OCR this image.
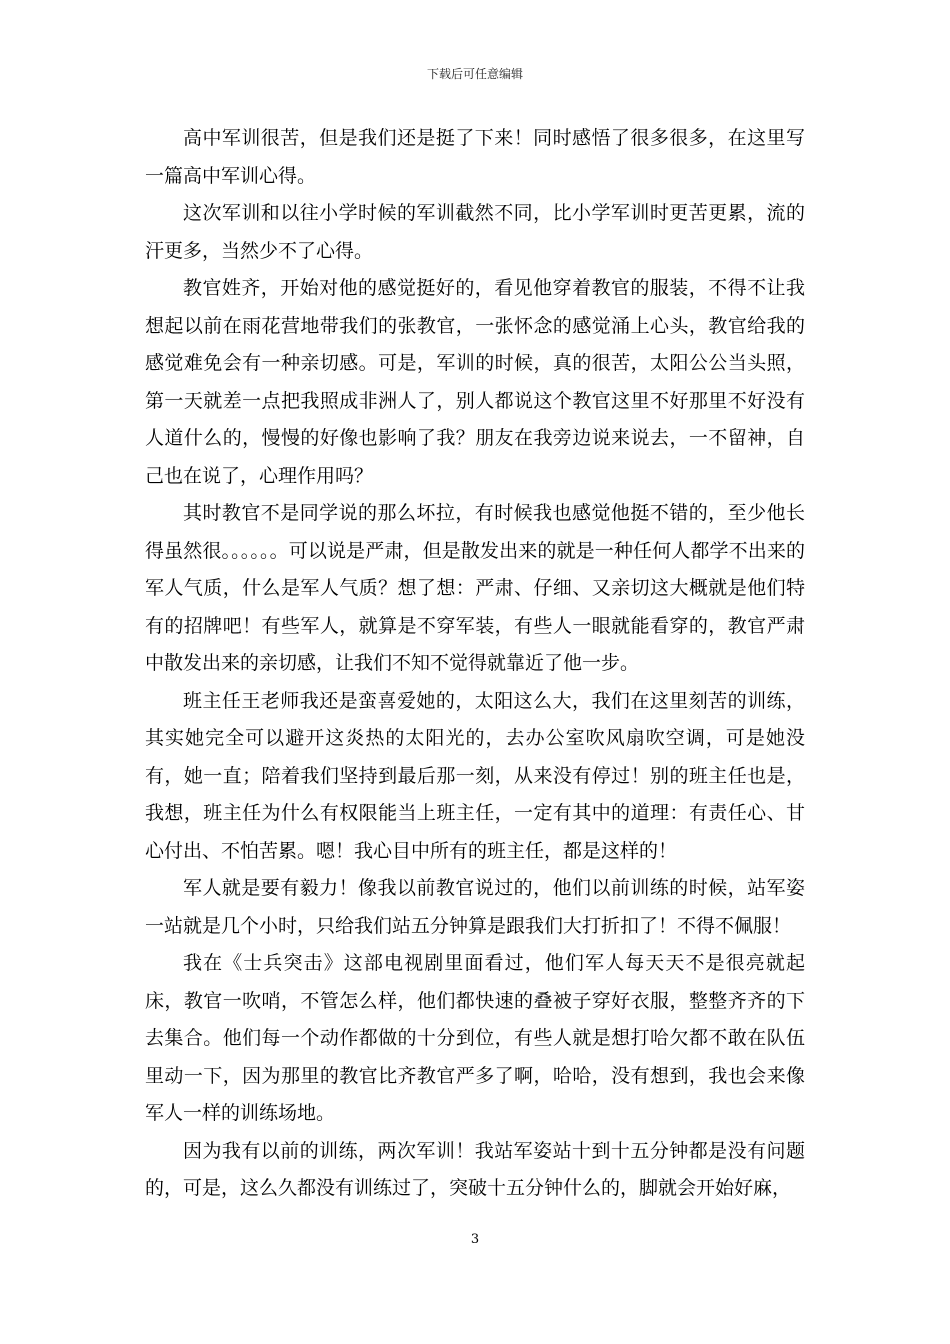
下载后可任意编辑

高中军训很苦，但是我们还是挺了下来！同时感悟了很多很多，在这里写一篇高中军训心得。

这次军训和以往小学时候的军训截然不同，比小学军训时更苦更累，流的汗更多，当然少不了心得。

教官姓齐，开始对他的感觉挺好的，看见他穿着教官的服装，不得不让我想起以前在雨花营地带我们的张教官，一张怀念的感觉涌上心头，教官给我的感觉难免会有一种亲切感。可是，军训的时候，真的很苦，太阳公公当头照，第一天就差一点把我照成非洲人了，别人都说这个教官这里不好那里不好没有人道什么的，慢慢的好像也影响了我？朋友在我旁边说来说去，一不留神，自己也在说了，心理作用吗？

其时教官不是同学说的那么坏拉，有时候我也感觉他挺不错的，至少他长得虽然很。。。。。。可以说是严肃，但是散发出来的就是一种任何人都学不出来的军人气质，什么是军人气质？想了想：严肃、仔细、又亲切这大概就是他们特有的招牌吧！有些军人，就算是不穿军装，有些人一眼就能看穿的，教官严肃中散发出来的亲切感，让我们不知不觉得就靠近了他一步。

班主任王老师我还是蛮喜爱她的，太阳这么大，我们在这里刻苦的训练，其实她完全可以避开这炎热的太阳光的，去办公室吹风扇吹空调，可是她没有，她一直；陪着我们坚持到最后那一刻，从来没有停过！别的班主任也是，我想，班主任为什么有权限能当上班主任，一定有其中的道理：有责任心、甘心付出、不怕苦累。嗯！我心目中所有的班主任，都是这样的！

军人就是要有毅力！像我以前教官说过的，他们以前训练的时候，站军姿一站就是几个小时，只给我们站五分钟算是跟我们大打折扣了！不得不佩服！

我在《士兵突击》这部电视剧里面看过，他们军人每天天不是很亮就起床，教官一吹哨，不管怎么样，他们都快速的叠被子穿好衣服，整整齐齐的下去集合。他们每一个动作都做的十分到位，有些人就是想打哈欠都不敢在队伍里动一下，因为那里的教官比齐教官严多了啊，哈哈，没有想到，我也会来像军人一样的训练场地。

因为我有以前的训练，两次军训！我站军姿站十到十五分钟都是没有问题的，可是，这么久都没有训练过了，突破十五分钟什么的，脚就会开始好麻，

3
